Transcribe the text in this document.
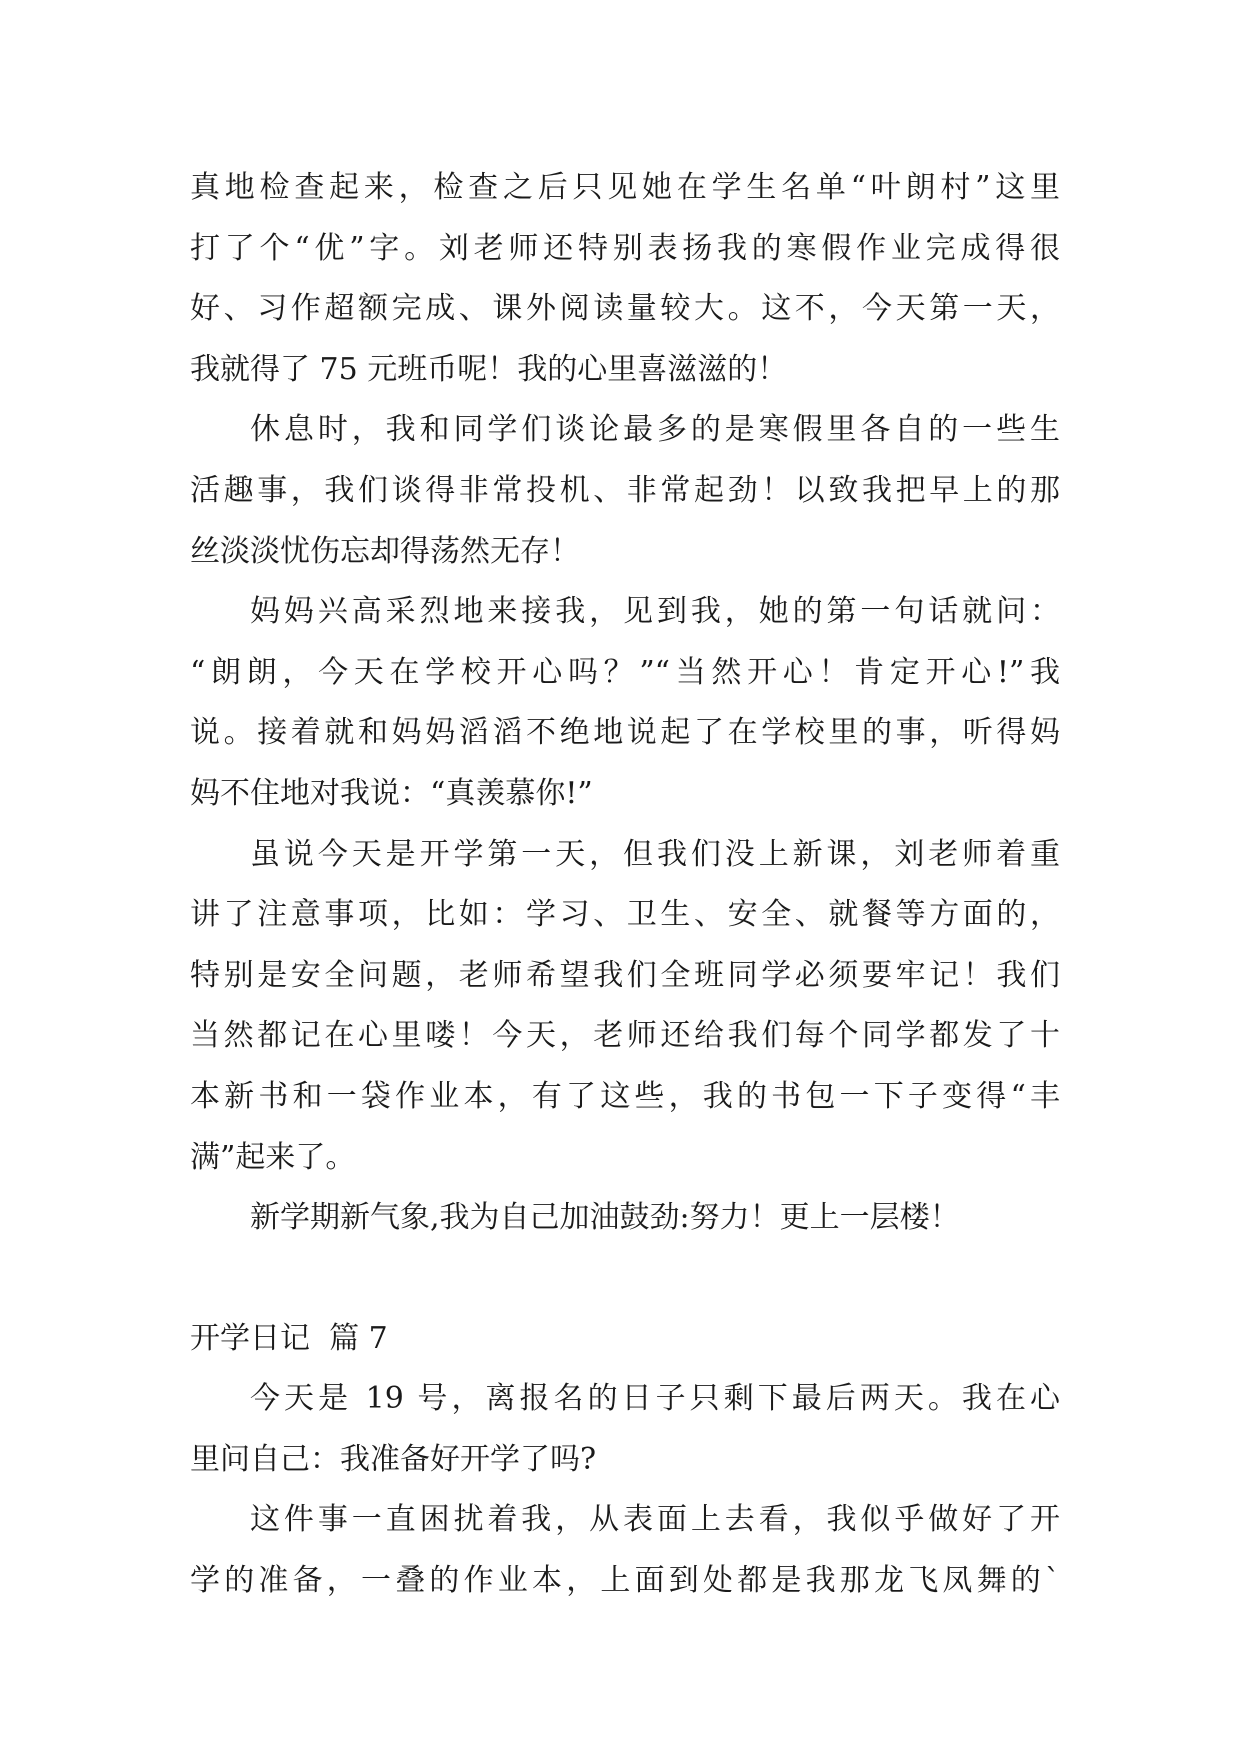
真地检查起来，检查之后只见她在学生名单“叶朗村”这里
打了个“优”字。刘老师还特别表扬我的寒假作业完成得很
好、习作超额完成、课外阅读量较大。这不，今天第一天，
我就得了 75 元班币呢！我的心里喜滋滋的！
休息时，我和同学们谈论最多的是寒假里各自的一些生
活趣事，我们谈得非常投机、非常起劲！以致我把早上的那
丝淡淡忧伤忘却得荡然无存！
妈妈兴高采烈地来接我，见到我，她的第一句话就问：
“朗朗，今天在学校开心吗？”“当然开心！肯定开心!”我
说。接着就和妈妈滔滔不绝地说起了在学校里的事，听得妈
妈不住地对我说：“真羡慕你!”
虽说今天是开学第一天，但我们没上新课，刘老师着重
讲了注意事项，比如：学习、卫生、安全、就餐等方面的，
特别是安全问题，老师希望我们全班同学必须要牢记！我们
当然都记在心里喽！今天，老师还给我们每个同学都发了十
本新书和一袋作业本，有了这些，我的书包一下子变得“丰
满”起来了。
新学期新气象,我为自己加油鼓劲:努力！更上一层楼！
开学日记  篇 7
今天是 19 号，离报名的日子只剩下最后两天。我在心
里问自己：我准备好开学了吗?
这件事一直困扰着我，从表面上去看，我似乎做好了开
学的准备，一叠的作业本，上面到处都是我那龙飞凤舞的`
